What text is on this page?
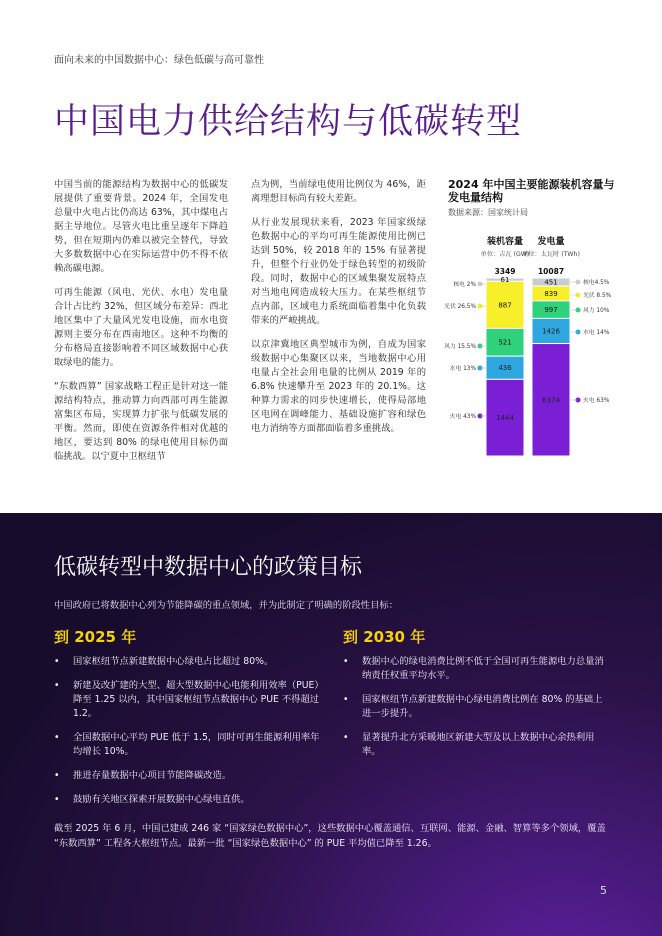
面向未来的中国数据中心：绿色低碳与高可靠性
中国电力供给结构与低碳转型

中国当前的能源结构为数据中心的低碳发展提供了重要背景。2024 年，全国发电总量中火电占比仍高达 63%，其中煤电占据主导地位。尽管火电比重呈逐年下降趋势，但在短期内仍难以被完全替代，导致大多数数据中心在实际运营中仍不得不依赖高碳电源。

可再生能源（风电、光伏、水电）发电量合计占比约 32%，但区域分布差异：西北地区集中了大量风光发电设施，而水电资源则主要分布在西南地区。这种不均衡的分布格局直接影响着不同区域数据中心获取绿电的能力。

“东数西算” 国家战略工程正是针对这一能源结构特点，推动算力向西部可再生能源富集区布局，实现算力扩张与低碳发展的平衡。然而，即使在资源条件相对优越的地区，要达到 80% 的绿电使用目标仍面临挑战。以宁夏中卫枢纽节

点为例，当前绿电使用比例仅为 46%，距离理想目标尚有较大差距。

从行业发展现状来看，2023 年国家级绿色数据中心的平均可再生能源使用比例已达到 50%，较 2018 年的 15% 有显著提升，但整个行业仍处于绿色转型的初级阶段。同时，数据中心的区域集聚发展特点对当地电网造成较大压力。在某些枢纽节点内部，区域电力系统面临着集中化负载带来的严峻挑战。

以京津冀地区典型城市为例，自成为国家级数据中心集聚区以来，当地数据中心用电量占全社会用电量的比例从 2019 年的 6.8% 快速攀升至 2023 年的 20.1%。这种算力需求的同步快速增长，使得局部地区电网在调峰能力、基础设施扩容和绿色电力消纳等方面都面临着多重挑战。

2024 年中国主要能源装机容量与发电量结构
数据来源：国家统计局
装机容量
单位：吉瓦 (GW)
3349
发电量
单位：太瓦时 (TWh)
10087
1444
436
521
887
61
6374
1426
997
839
451
核电 2%	核电4.5%
光伏 26.5%
光伏 8.5%
风力 15.5%
风力 10%
水电 13%
水电 14%
火电 43%
火电 63%
低碳转型中数据中心的政策目标
中国政府已将数据中心列为节能降碳的重点领域，并为此制定了明确的阶段性目标：
到 2025 年	到 2030 年
• 国家枢纽节点新建数据中心绿电占比超过 80%。
• 新建及改扩建的大型、超大型数据中心电能利用效率（PUE）降至 1.25 以内，其中国家枢纽节点数据中心 PUE 不得超过 1.2。
• 全国数据中心平均 PUE 低于 1.5，同时可再生能源利用率年均增长 10%。
• 推进存量数据中心项目节能降碳改造。
• 鼓励有关地区探索开展数据中心绿电直供。
• 数据中心的绿电消费比例不低于全国可再生能源电力总量消纳责任权重平均水平。
• 国家枢纽节点新建数据中心绿电消费比例在 80% 的基础上进一步提升。
• 显著提升北方采暖地区新建大型及以上数据中心余热利用率。
截至 2025 年 6 月，中国已建成 246 家 “国家绿色数据中心”，这些数据中心覆盖通信、互联网、能源、金融、智算等多个领域，覆盖 “东数西算” 工程各大枢纽节点。最新一批 “国家绿色数据中心” 的 PUE 平均值已降至 1.26。
5
